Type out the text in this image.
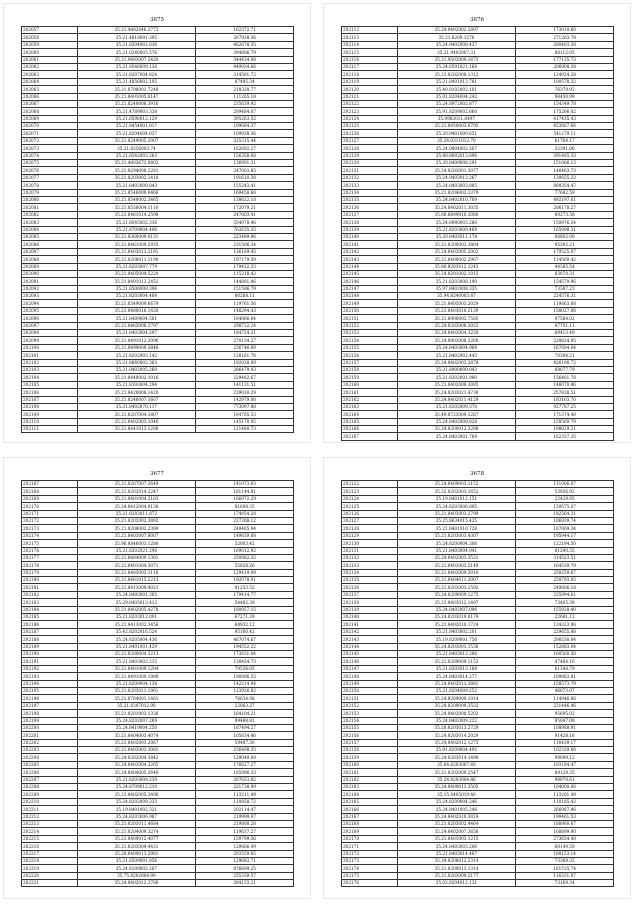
3675
202057	35.21.4882046.2772	162372.71
202058	35.21.4818091.395	267928.36
202059	35.21.8204002.836	462678.35
202060	35.21.0240003.576	394806.79
202061	35.21.9483007.2420	344434.08
202062	35.21.8546009.136	449934.66
202063	35.21.8207004.824	314591.72
202064	35.21.4856002.195	87495.34
202065	35.21.8798001.7248	218328.77
202066	35.21.8491005.8147	111265.18
202067	35.21.8240008.3916	235639.92
202068	35.21.4789003.338	209484.07
202069	35.21.8590012.129	395263.32
202070	35.21.8454001.817	199664.37
202071	35.21.8204004.037	109938.36
202072	35.21.8249005.2007	325315.44
202073	35.21.8256003.74	162692.27
202074	35.21.8542003.263	156358.68
202075	35.21.4803673.0802	136991.31
202076	35.21.8294008.2281	247003.85
202077	35.21.8203002.1418	191610.38
202078	35.21.8402009.843	155243.41
202079	35.21.8546009.0466	169458.68
202080	35.21.8549002.3465	138622.18
202081	35.21.8558004.1110	172079.21
202082	35.21.8461014.2598	247603.41
202083	35.21.8545002.336	554078.46
202084	35.21.8709004.406	762635.35
202085	35.21.8360009.0131	223489.96
202086	35.21.8461009.2935	231506.34
202087	35.21.8403013.2181	136169.45
202088	35.21.8208011.1190	197179.59
202089	35.21.8203007.779	179422.33
202090	35.21.8405004.5220	115218.42
202091	35.21.8491013.2452	144801.86
202092	35.21.8506009.396	151596.79
202093	35.21.8203004.484	80288.11
202094	35.21.8549009.6679	119761.56
202095	35.21.8480016.1420	148294.43
202096	35.21.8409004.581	164066.84
202097	35.21.8465008.3797	298732.24
202098	35.21.8403004.297	184724.21
202099	35.21.8491012.2096	270134.27
202100	35.21.8499009.3848	236746.69
202101	35.21.8202003.142	128161.70
202102	35.21.8660002.363	192038.09
202103	35.21.8402005.260	286479.43
202104	35.21.8448002.1016	229482.67
202105	35.21.8393004.294	141131.51
202106	35.21.8420008.1420	239030.29
202107	35.21.8246007.1607	142979.00
202108	35.21.8402870.117	773097.88
202109	35.21.8207004.1807	164785.53
202110	35.21.8402003.1046	145170.92
202111	35.21.8441013.1296	121480.73
3676
202112	35.24.9402002.2897	173010.60
202113	35.21.8209.1278	271263.78
202114	35.24.9402008.437	280403.38
202115	35.21.9402007.31	88112.05
202116	35.21.9502009.1673	177135.73
202117	35.24.8591021.168	206908.38
202118	35.21.8202008.1312	124934.28
202119	35.21.8401013.781	100578.32
202120	35.40.9102002.101	76379.93
202121	35.01.8204004.242	98450.99
202122	35.24.8972002.877	154349.78
202123	35.91.8209002.660	175266.02
202124	35.9982011.8497	417435.43
202125	35.21.8950003.6795	453867.66
202126	35.20.9401009.651	541279.11
202127	35.24.0311012.70	61764.17
202128	35.24.0904002.567	32391.06
202129	35.98.8002013.896	391485.33
202130	35.20.8409008.291	151066.13
202131	35.24.8203001.3077	146463.73
202132	35.24.9403012.267	130655.22
202133	35.24.8403003.885	890354.47
202134	35.21.8204002.1379	77682.59
202135	35.24.8402010.769	492197.01
202136	35.24.8402011.3035	206178.27
202137	35.88.8899010.3080	69273.58
202138	35.24.8980003.280	150976.24
202139	35.21.8203009.469	165098.31
202140	35.20.8403011.178	86802.08
202141	35.21.8200003.3804	95392.21
202142	35.24.8402005.2002	179525.07
202143	35.21.8400002.2967	114569.42
202144	35.80.8203012.1243	44385.54
202145	35.24.8201002.1015	83870.31
202146	35.21.8203008.190	154579.96
202147	35.97.8402008.335	73387.23
202148	35.94.8240003.87	224576.31
202149	35.21.8405003.2029	119863.68
202150	35.21.8403010.2139	158027.06
202151	35.21.8900003.7585	97584.02
202152	35.24.8203008.3022	87751.11
202153	35.24.8403004.3220	69413.49
202154	35.24.8903008.3260	228824.95
202155	35.24.8403004.969	167604.04
202156	35.21.8402002.443	70394.21
202157	35.24.8402003.2878	426100.72
202158	35.21.8900009.043	68077.79
202159	35.21.8202001.980	156461.78
202160	35.21.8402008.3095	146070.96
202161	35.24.8203021.4730	257838.51
202162	35.24.8402011.4129	183103.70
202163	35.21.8202009.370	927787.25
202164	35.49.8723009.3287	171374.40
202165	35.24.8402009.828	158569.79
202166	35.24.8200012.3298	198029.21
202167	35.24.8403001.769	162337.35
3677
202167	35.21.8207007.3649	141073.63
202168	35.21.8202014.2247	181144.81
202169	35.21.8401004.2163	166972.29
202170	35.24.8412004.0136	81608.35
202171	35.21.8283011.872	174854.28
202172	35.21.8202002.3892	237268.12
202173	35.21.8208002.2389	249465.94
202174	35.21.8403007.8007	149839.68
202175	35.96.8846003.1280	52003.42
202176	35.21.8202021.296	169012.92
202177	35.21.8484009.1361	250882.32
202178	35.21.8401004.3071	55838.26
202179	35.21.8485003.1116	129419.09
202180	35.21.8461015.2213	192078.91
202181	35.21.8413009.4021	91253.52
202182	35.24.8493001.305	179414.77
202183	35.29.8405013.412	54482.30
202184	35.21.8402005.4278	180957.15
202185	35.21.8203012.001	67271.39
202186	35.21.8413002.3456	68932.12
202187	35.42.8202016.524	95160.42
202188	35.24.8205004.436	467074.67
202189	35.21.8491001.429	194552.22
202190	35.21.8200004.3213	173631.04
202191	35.21.8403003.215	138454.73
202192	35.21.8401009.1204	79536.05
202193	35.21.8491009.1989	190896.55
202194	35.21.8209004.134	142214.94
202195	35.21.8203011.1961	123926.82
202196	35.21.8764001.1461	76634.98
202197	35.21.8207012.90	22063.27
202198	35.21.8201003.1336	164104.21
202199	35.24.8202007.269	99488.81
202200	35.24.8419004.250	167494.27
202201	35.21.8404003.4074	105834.46
202202	35.21.8402003.2067	59487.30
202203	35.21.8403003.3081	236498.35
202204	35.24.8202004.3842	129049.08
202205	35.24.8402004.2265	176627.27
202206	35.24.8404005.3640	185996.33
202207	35.21.8203009.239	207653.82
202208	35.24.8709012.210	221738.99
202209	35.21.8402005.2496	113211.49
202210	35.24.8202009.333	110858.72
202211	35.19.8401002.321	202114.47
202212	35.24.8203006.987	219999.07
202213	35.21.8203011.4684	219800.28
202214	35.21.8204009.3274	119637.27
202215	35.21.8409012.4077	159799.56
202216	35.21.8203009.4431	129666.09
202217	35.20.8409013.2981	293559.85
202218	35.21.8509001.856	129683.71
202219	35.24.8109002.287	876699.25
202220	35.75.8202004.99	255339.57
202221	35.24.8402012.3786	284133.21
3678
202122	35.24.8409003.1152	131006.07
202123	35.22.8202003.1652	53936.92
202124	35.19.8401012.151	22429.95
202125	35.24.8203006.895	159575.07
202126	35.21.8403003.2799	182564.31
202127	35.25.8634015.425	106939.74
202128	35.21.8401010.728	167069.34
202129	35.21.8203003.4307	195944.17
202130	35.24.8200004.306	122194.50
202131	35.21.8403004.941	81290.35
202132	35.24.8402003.3531	314523.51
202133	35.21.8403003.5149	164539.79
202134	35.21.8403009.3010	258259.67
202135	35.21.8404011.2007	258793.05
202136	35.21.8203003.1592	249686.18
202137	35.24.8209009.1275	235994.61
202138	35.21.8403012.1497	73405.38
202139	35.24.8402007.096	155928.40
202140	35.24.8203019.0179	22681.12
202141	35.21.8402010.1724	124323.96
202142	35.21.8403002.201	229655.88
202143	35.19.8209001.756	298530.04
202144	35.24.8203003.1536	152883.04
202145	35.21.8403013.286	160560.58
202146	35.21.8209009.1153	47468.16
202147	35.21.8203013.188	61348.79
202148	35.24.8403014.277	109883.81
202149	35.24.8402013.3881	158573.79
202150	35.21.8204009.252	46073.07
202151	35.24.8209009.1014	114946.86
202152	35.24.8209009.3532	231446.46
202153	35.24.8402008.5202	95695.02
202154	35.24.8402009.222	95047.08
202155	35.20.8203013.2729	108988.91
202156	35.24.8203014.2029	91428.16
202157	35.24.8402012.1275	116439.17
202158	35.91.8209004.495	102329.66
202159	35.24.8203014.1498	99099.12
202160	35.64.8203007.60	103184.47
202161	35.21.8202009.2547	89129.35
202162	35.24.8203004.86	98970.61
202163	35.24.8409013.3505	104000.06
202164	35.15.8405019.40	113201.49
202165	35.24.8209004.246	110185.42
202166	35.24.8401005.246	266987.96
202167	35.24.8402010.3024	190461.53
202168	35.21.8203002.4464	188960.67
202169	35.24.8402007.3658	168899.90
202170	35.21.8401003.1215	273654.40
202171	35.24.8403003.206	60149.59
202172	35.21.8403014.487	188153.14
202173	35.34.8208012.2314	73369.32
202174	35.21.8209013.1314	161535.74
202175	35.21.8203009.2177	116331.07
202176	35.02.8204012.131	73169.34
